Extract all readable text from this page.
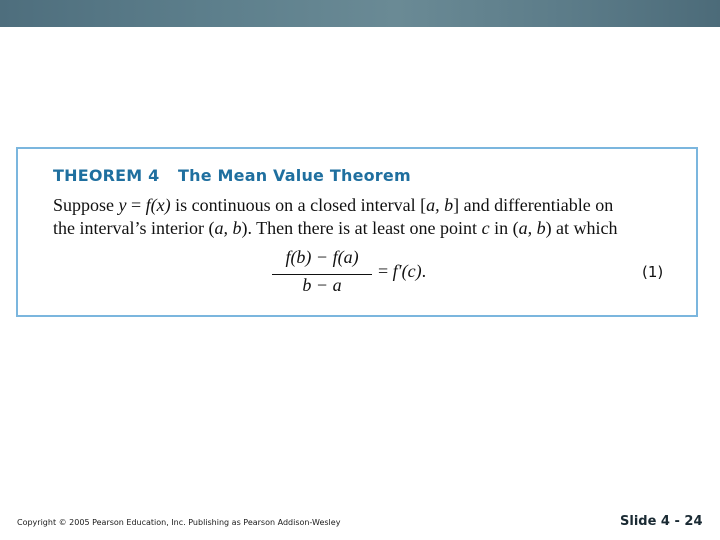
THEOREM 4 The Mean Value Theorem
Suppose y = f(x) is continuous on a closed interval [a, b] and differentiable on
the interval’s interior (a, b). Then there is at least one point c in (a, b) at which
f(b) − f(a)
b − a
= f′(c).	(1)
Copyright © 2005 Pearson Education, Inc. Publishing as Pearson Addison-Wesley	Slide 4 - 24
